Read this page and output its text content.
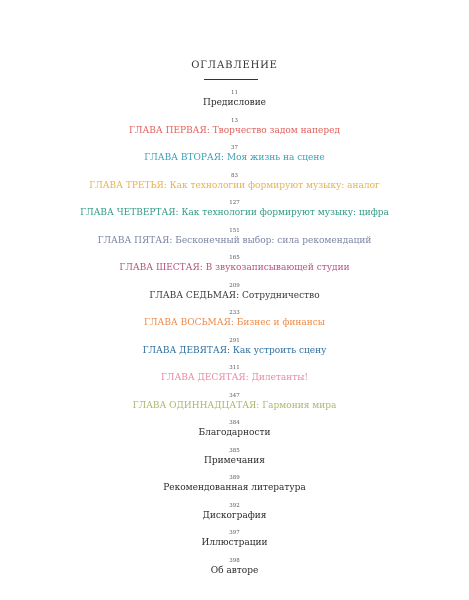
ОГЛАВЛЕНИЕ
11
Предисловие
13
ГЛАВА ПЕРВАЯ: Творчество задом наперед
37
ГЛАВА ВТОРАЯ: Моя жизнь на сцене
83
ГЛАВА ТРЕТЬЯ: Как технологии формируют музыку: аналог
127
ГЛАВА ЧЕТВЕРТАЯ: Как технологии формируют музыку: цифра
151
ГЛАВА ПЯТАЯ: Бесконечный выбор: сила рекомендаций
165
ГЛАВА ШЕСТАЯ: В звукозаписывающей студии
209
ГЛАВА СЕДЬМАЯ: Сотрудничество
233
ГЛАВА ВОСЬМАЯ: Бизнес и финансы
291
ГЛАВА ДЕВЯТАЯ: Как устроить сцену
311
ГЛАВА ДЕСЯТАЯ: Дилетанты!
347
ГЛАВА ОДИННАДЦАТАЯ: Гармония мира
384
Благодарности
385
Примечания
389
Рекомендованная литература
392
Дискография
397
Иллюстрации
398
Об авторе
